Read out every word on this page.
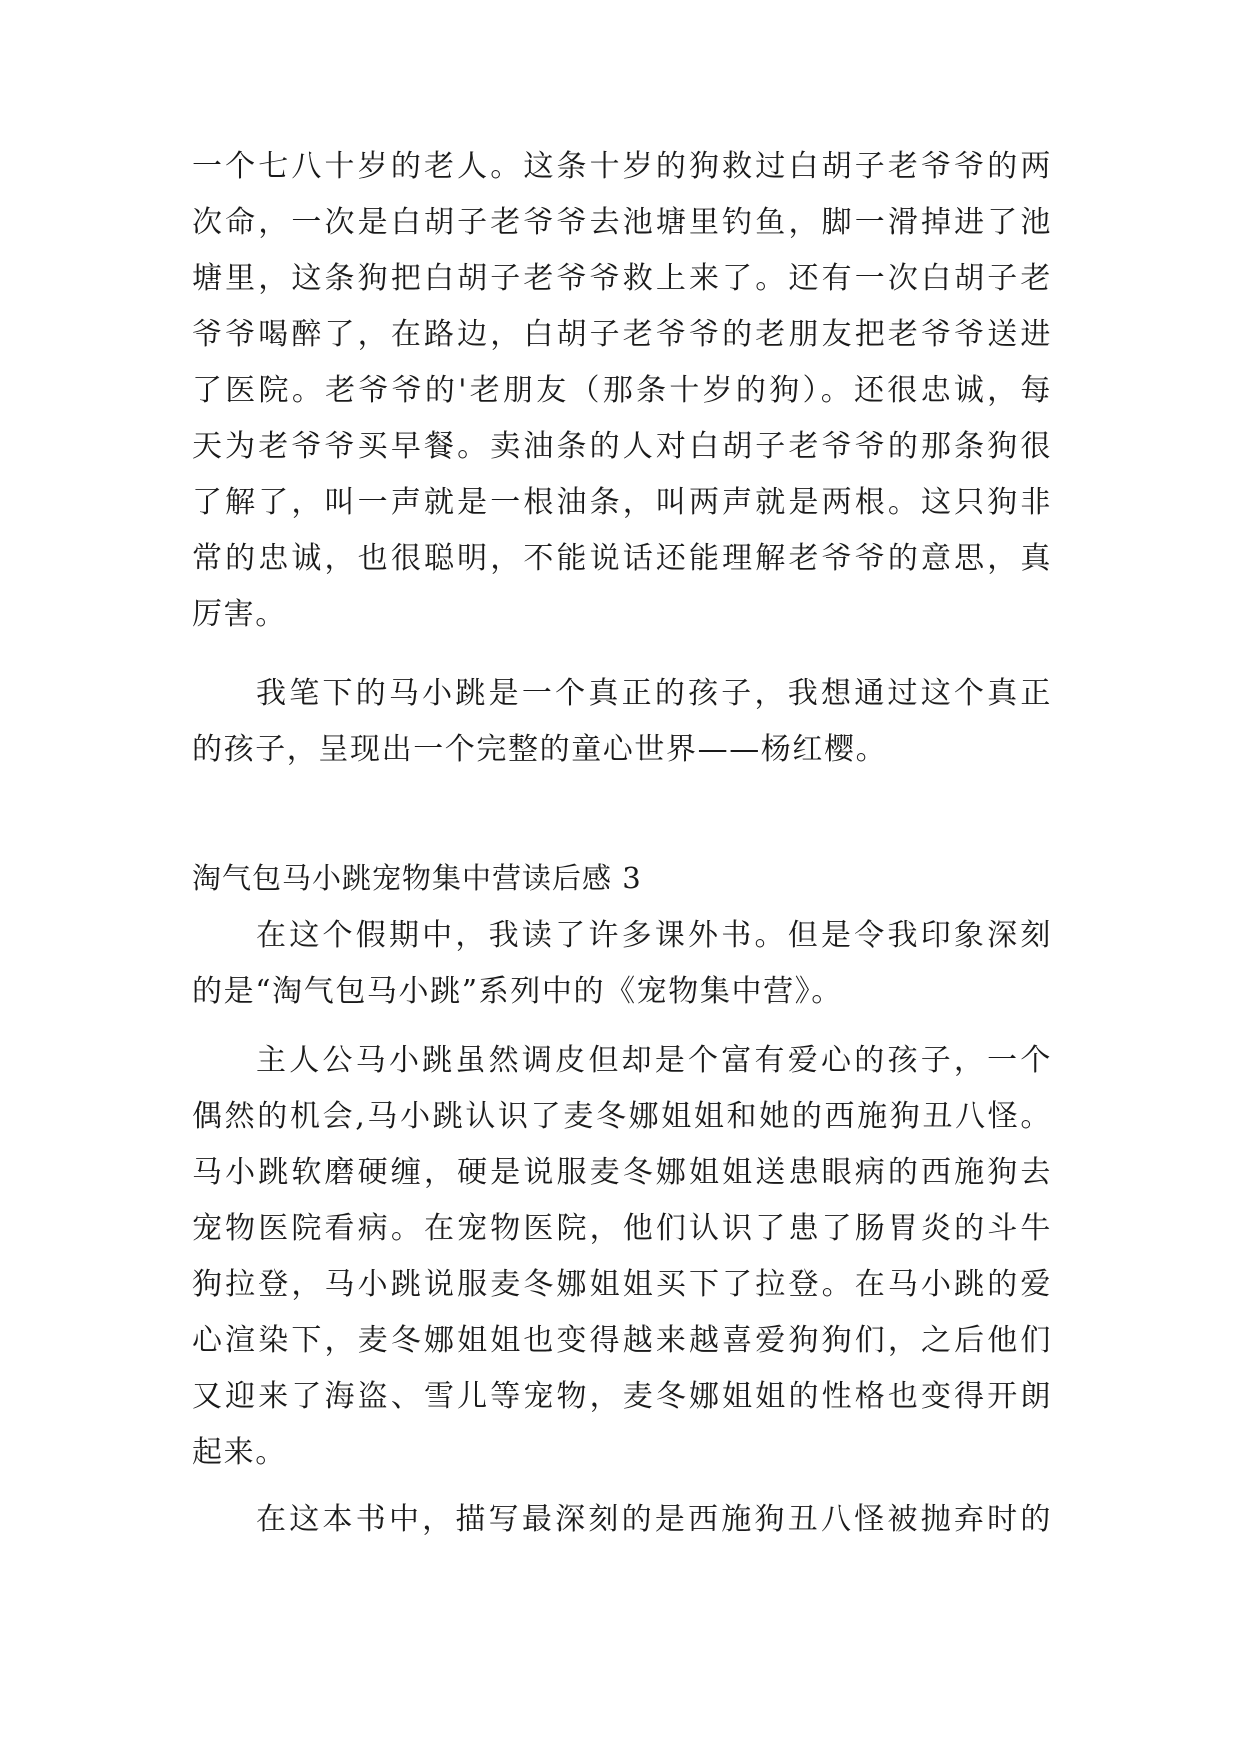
一个七八十岁的老人。这条十岁的狗救过白胡子老爷爷的两
次命，一次是白胡子老爷爷去池塘里钓鱼，脚一滑掉进了池
塘里，这条狗把白胡子老爷爷救上来了。还有一次白胡子老
爷爷喝醉了，在路边，白胡子老爷爷的老朋友把老爷爷送进
了医院。老爷爷的'老朋友（那条十岁的狗）。还很忠诚，每
天为老爷爷买早餐。卖油条的人对白胡子老爷爷的那条狗很
了解了，叫一声就是一根油条，叫两声就是两根。这只狗非
常的忠诚，也很聪明，不能说话还能理解老爷爷的意思，真
厉害。
我笔下的马小跳是一个真正的孩子，我想通过这个真正
的孩子，呈现出一个完整的童心世界——杨红樱。
淘气包马小跳宠物集中营读后感 3
在这个假期中，我读了许多课外书。但是令我印象深刻
的是“淘气包马小跳”系列中的《宠物集中营》。
主人公马小跳虽然调皮但却是个富有爱心的孩子，一个
偶然的机会,马小跳认识了麦冬娜姐姐和她的西施狗丑八怪。
马小跳软磨硬缠，硬是说服麦冬娜姐姐送患眼病的西施狗去
宠物医院看病。在宠物医院，他们认识了患了肠胃炎的斗牛
狗拉登，马小跳说服麦冬娜姐姐买下了拉登。在马小跳的爱
心渲染下，麦冬娜姐姐也变得越来越喜爱狗狗们，之后他们
又迎来了海盗、雪儿等宠物，麦冬娜姐姐的性格也变得开朗
起来。
在这本书中，描写最深刻的是西施狗丑八怪被抛弃时的
